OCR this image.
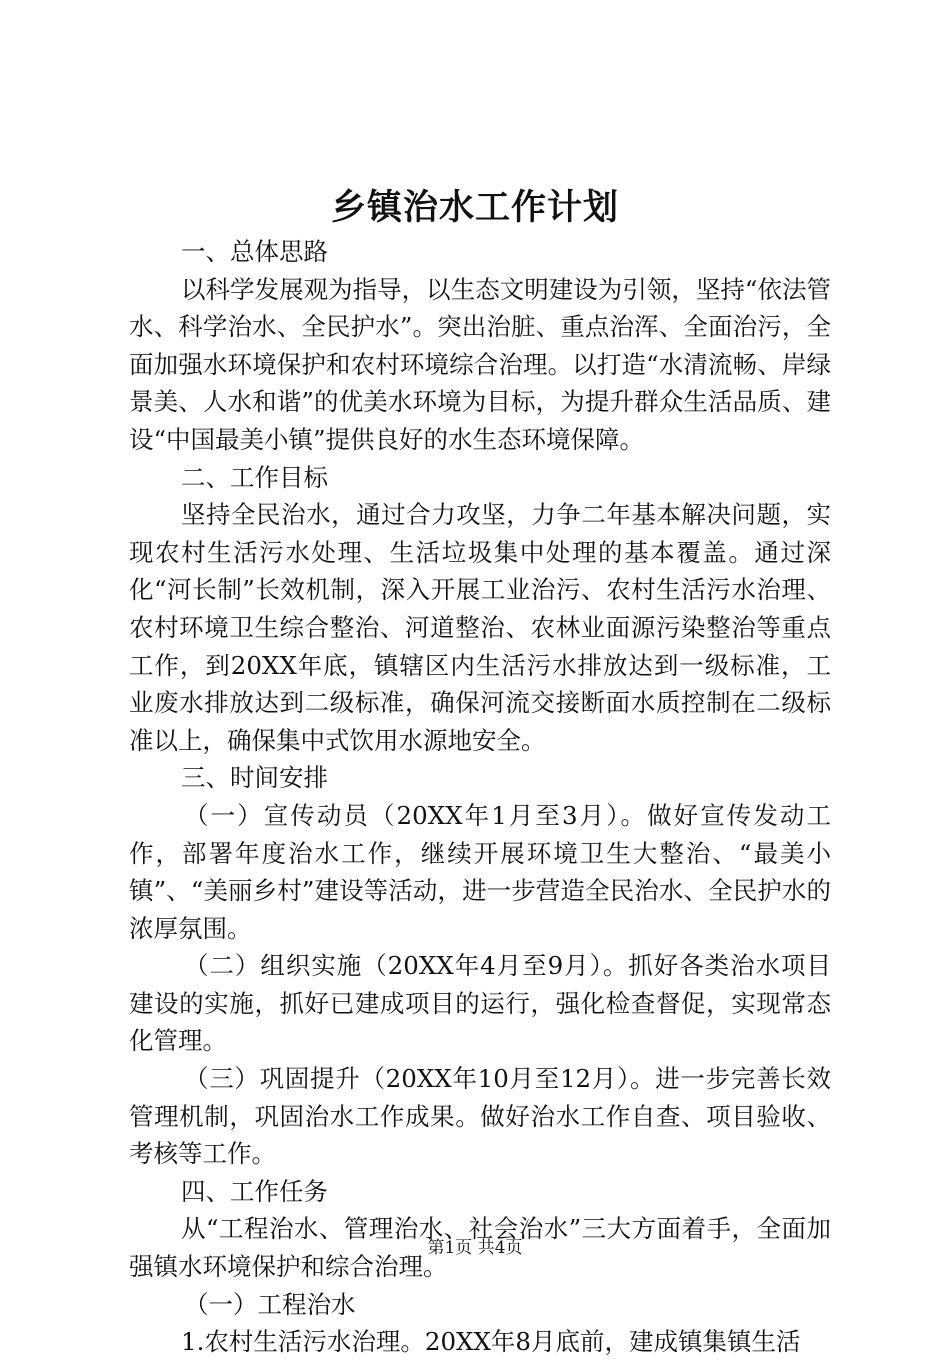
乡镇治水工作计划

一、总体思路

以科学发展观为指导，以生态文明建设为引领，坚持“依法管水、科学治水、全民护水”。突出治脏、重点治浑、全面治污，全面加强水环境保护和农村环境综合治理。以打造“水清流畅、岸绿景美、人水和谐”的优美水环境为目标，为提升群众生活品质、建设“中国最美小镇”提供良好的水生态环境保障。

二、工作目标

坚持全民治水，通过合力攻坚，力争二年基本解决问题，实现农村生活污水处理、生活垃圾集中处理的基本覆盖。通过深化“河长制”长效机制，深入开展工业治污、农村生活污水治理、农村环境卫生综合整治、河道整治、农林业面源污染整治等重点工作，到20XX年底，镇辖区内生活污水排放达到一级标准，工业废水排放达到二级标准，确保河流交接断面水质控制在二级标准以上，确保集中式饮用水源地安全。

三、时间安排

（一）宣传动员（20XX年1月至3月）。做好宣传发动工作，部署年度治水工作，继续开展环境卫生大整治、“最美小镇”、“美丽乡村”建设等活动，进一步营造全民治水、全民护水的浓厚氛围。

（二）组织实施（20XX年4月至9月）。抓好各类治水项目建设的实施，抓好已建成项目的运行，强化检查督促，实现常态化管理。

（三）巩固提升（20XX年10月至12月）。进一步完善长效管理机制，巩固治水工作成果。做好治水工作自查、项目验收、考核等工作。

四、工作任务

从“工程治水、管理治水、社会治水”三大方面着手，全面加强镇水环境保护和综合治理。

（一）工程治水

1.农村生活污水治理。20XX年8月底前，建成镇集镇生活

第1页 共4页
